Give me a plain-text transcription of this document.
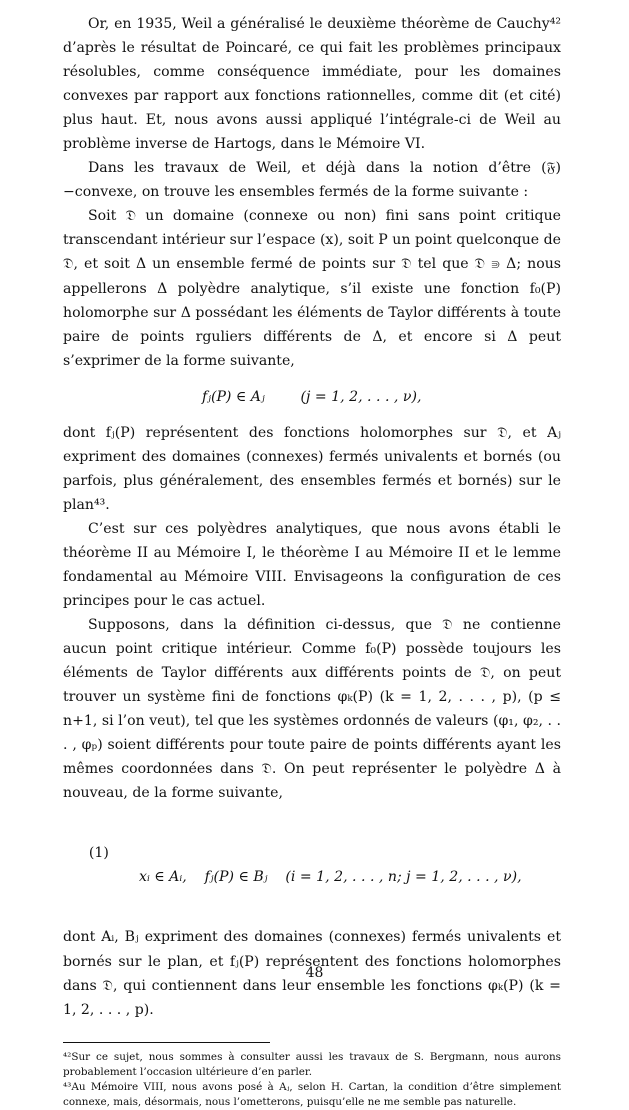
Or, en 1935, Weil a généralisé le deuxième théorème de Cauchy⁴² d’après le résultat de Poincaré, ce qui fait les problèmes principaux résolubles, comme conséquence immédiate, pour les domaines convexes par rapport aux fonctions rationnelles, comme dit (et cité) plus haut. Et, nous avons aussi appliqué l’intégrale-ci de Weil au problème inverse de Hartogs, dans le Mémoire VI.

Dans les travaux de Weil, et déjà dans la notion d’être (𝔉)−convexe, on trouve les ensembles fermés de la forme suivante :

Soit 𝔇 un domaine (connexe ou non) fini sans point critique transcendant intérieur sur l’espace (x), soit P un point quelconque de 𝔇, et soit Δ un ensemble fermé de points sur 𝔇 tel que 𝔇 ⋑ Δ; nous appellerons Δ polyèdre analytique, s’il existe une fonction f₀(P) holomorphe sur Δ possédant les éléments de Taylor différents à toute paire de points rguliers différents de Δ, et encore si Δ peut s’exprimer de la forme suivante,

fⱼ(P) ∈ Aⱼ        (j = 1, 2, . . . , ν),

dont fⱼ(P) représentent des fonctions holomorphes sur 𝔇, et Aⱼ expriment des domaines (connexes) fermés univalents et bornés (ou parfois, plus généralement, des ensembles fermés et bornés) sur le plan⁴³.

C’est sur ces polyèdres analytiques, que nous avons établi le théorème II au Mémoire I, le théorème I au Mémoire II et le lemme fondamental au Mémoire VIII. Envisageons la configuration de ces principes pour le cas actuel.

Supposons, dans la définition ci-dessus, que 𝔇 ne contienne aucun point critique intérieur. Comme f₀(P) possède toujours les éléments de Taylor différents aux différents points de 𝔇, on peut trouver un système fini de fonctions φₖ(P) (k = 1, 2, . . . , p), (p ≤ n+1, si l’on veut), tel que les systèmes ordonnés de valeurs (φ₁, φ₂, . . . , φₚ) soient différents pour toute paire de points différents ayant les mêmes coordonnées dans 𝔇. On peut représenter le polyèdre Δ à nouveau, de la forme suivante,

(1)

xᵢ ∈ Aᵢ,    fⱼ(P) ∈ Bⱼ    (i = 1, 2, . . . , n; j = 1, 2, . . . , ν),

dont Aᵢ, Bⱼ expriment des domaines (connexes) fermés univalents et bornés sur le plan, et fⱼ(P) représentent des fonctions holomorphes dans 𝔇, qui contiennent dans leur ensemble les fonctions φₖ(P) (k = 1, 2, . . . , p).

⁴²Sur ce sujet, nous sommes à consulter aussi les travaux de S. Bergmann, nous aurons probablement l’occasion ultérieure d’en parler.

⁴³Au Mémoire VIII, nous avons posé à Aⱼ, selon H. Cartan, la condition d’être simplement connexe, mais, désormais, nous l’ometterons, puisqu’elle ne me semble pas naturelle.

48
